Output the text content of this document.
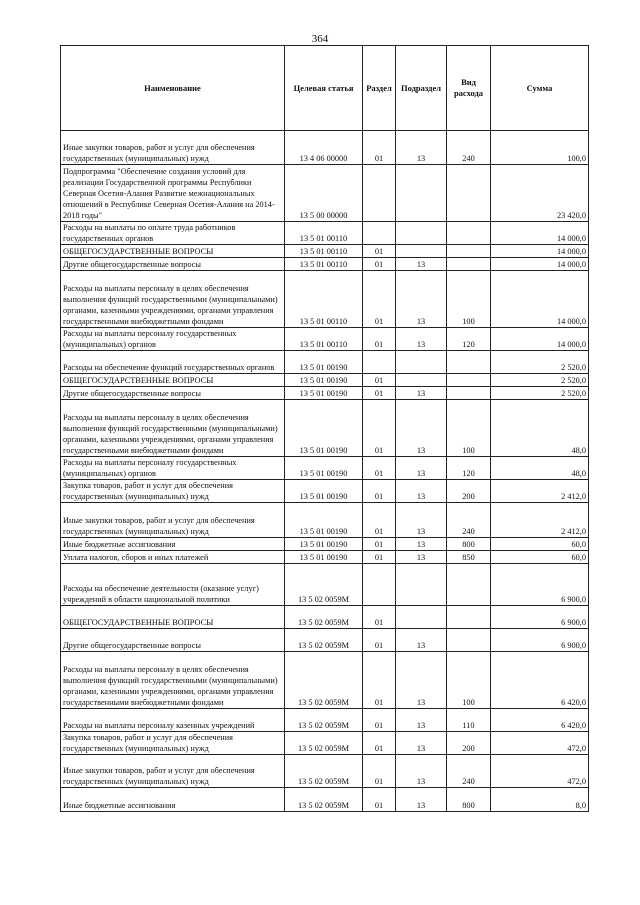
364
Наименование	Целевая статья	Раздел	Подраздел	Вид расхода	Сумма
Иные закупки товаров, работ и услуг для обеспечения государственных (муниципальных) нужд	13 4 06 00000	01	13	240	100,0
Подпрограмма "Обеспечение создания условий для реализации Государственной программы Республики Северная Осетия-Алания Развитие межнациональных отношений в Республике Северная Осетия-Алания на 2014-2018 годы"	13 5 00 00000				23 420,0
Расходы на выплаты по оплате труда работников государственных органов	13 5 01 00110				14 000,0
ОБЩЕГОСУДАРСТВЕННЫЕ ВОПРОСЫ	13 5 01 00110	01			14 000,0
Другие общегосударственные вопросы	13 5 01 00110	01	13		14 000,0
Расходы на выплаты персоналу в целях обеспечения выполнения функций государственными (муниципальными) органами, казенными учреждениями, органами управления государственными внебюджетными фондами	13 5 01 00110	01	13	100	14 000,0
Расходы на выплаты персоналу государственных (муниципальных) органов	13 5 01 00110	01	13	120	14 000,0
Расходы на обеспечение функций государственных органов	13 5 01 00190				2 520,0
ОБЩЕГОСУДАРСТВЕННЫЕ ВОПРОСЫ	13 5 01 00190	01			2 520,0
Другие общегосударственные вопросы	13 5 01 00190	01	13		2 520,0
Расходы на выплаты персоналу в целях обеспечения выполнения функций государственными (муниципальными) органами, казенными учреждениями, органами управления государственными внебюджетными фондами	13 5 01 00190	01	13	100	48,0
Расходы на выплаты персоналу государственных (муниципальных) органов	13 5 01 00190	01	13	120	48,0
Закупка товаров, работ и услуг для обеспечения государственных (муниципальных) нужд	13 5 01 00190	01	13	200	2 412,0
Иные закупки товаров, работ и услуг для обеспечения государственных (муниципальных) нужд	13 5 01 00190	01	13	240	2 412,0
Иные бюджетные ассигнования	13 5 01 00190	01	13	800	60,0
Уплата налогов, сборов и иных платежей	13 5 01 00190	01	13	850	60,0
Расходы на обеспечение деятельности (оказание услуг) учреждений в области национальной политики	13 5 02 0059М				6 900,0
ОБЩЕГОСУДАРСТВЕННЫЕ ВОПРОСЫ	13 5 02 0059М	01			6 900,0
Другие общегосударственные вопросы	13 5 02 0059М	01	13		6 900,0
Расходы на выплаты персоналу в целях обеспечения выполнения функций государственными (муниципальными) органами, казенными учреждениями, органами управления государственными внебюджетными фондами	13 5 02 0059М	01	13	100	6 420,0
Расходы на выплаты персоналу казенных учреждений	13 5 02 0059М	01	13	110	6 420,0
Закупка товаров, работ и услуг для обеспечения государственных (муниципальных) нужд	13 5 02 0059М	01	13	200	472,0
Иные закупки товаров, работ и услуг для обеспечения государственных (муниципальных) нужд	13 5 02 0059М	01	13	240	472,0
Иные бюджетные ассигнования	13 5 02 0059М	01	13	800	8,0
